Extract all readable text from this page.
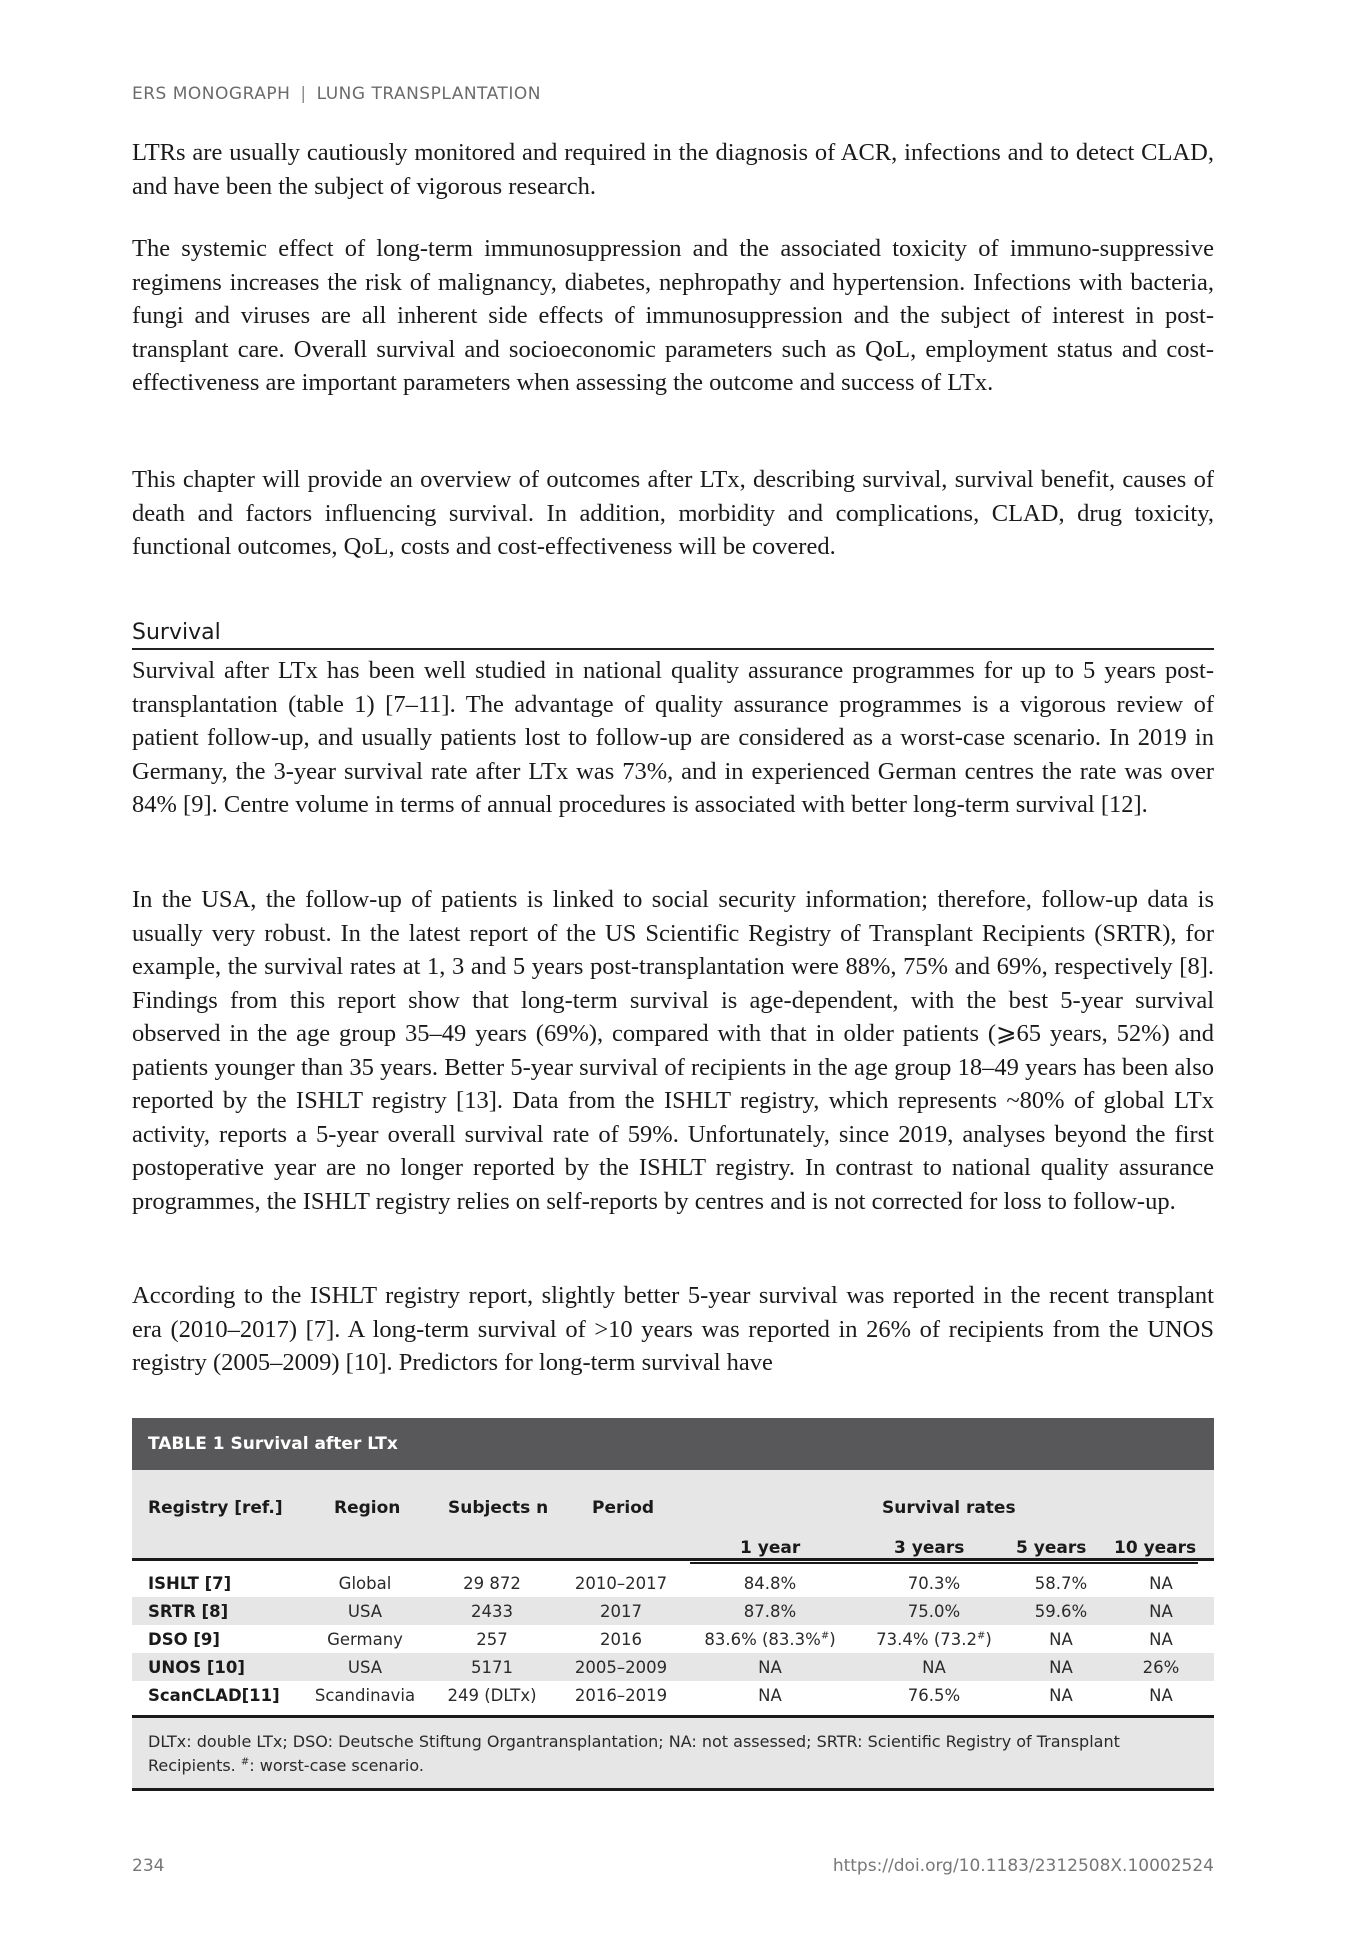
ERS MONOGRAPH | LUNG TRANSPLANTATION

LTRs are usually cautiously monitored and required in the diagnosis of ACR, infections and to detect CLAD, and have been the subject of vigorous research.

The systemic effect of long-term immunosuppression and the associated toxicity of immuno-suppressive regimens increases the risk of malignancy, diabetes, nephropathy and hypertension. Infections with bacteria, fungi and viruses are all inherent side effects of immunosuppression and the subject of interest in post-transplant care. Overall survival and socioeconomic parameters such as QoL, employment status and cost-effectiveness are important parameters when assessing the outcome and success of LTx.

This chapter will provide an overview of outcomes after LTx, describing survival, survival benefit, causes of death and factors influencing survival. In addition, morbidity and complications, CLAD, drug toxicity, functional outcomes, QoL, costs and cost-effectiveness will be covered.

Survival

Survival after LTx has been well studied in national quality assurance programmes for up to 5 years post-transplantation (table 1) [7–11]. The advantage of quality assurance programmes is a vigorous review of patient follow-up, and usually patients lost to follow-up are considered as a worst-case scenario. In 2019 in Germany, the 3-year survival rate after LTx was 73%, and in experienced German centres the rate was over 84% [9]. Centre volume in terms of annual procedures is associated with better long-term survival [12].

In the USA, the follow-up of patients is linked to social security information; therefore, follow-up data is usually very robust. In the latest report of the US Scientific Registry of Transplant Recipients (SRTR), for example, the survival rates at 1, 3 and 5 years post-transplantation were 88%, 75% and 69%, respectively [8]. Findings from this report show that long-term survival is age-dependent, with the best 5-year survival observed in the age group 35–49 years (69%), compared with that in older patients (⩾65 years, 52%) and patients younger than 35 years. Better 5-year survival of recipients in the age group 18–49 years has been also reported by the ISHLT registry [13]. Data from the ISHLT registry, which represents ~80% of global LTx activity, reports a 5-year overall survival rate of 59%. Unfortunately, since 2019, analyses beyond the first postoperative year are no longer reported by the ISHLT registry. In contrast to national quality assurance programmes, the ISHLT registry relies on self-reports by centres and is not corrected for loss to follow-up.

According to the ISHLT registry report, slightly better 5-year survival was reported in the recent transplant era (2010–2017) [7]. A long-term survival of >10 years was reported in 26% of recipients from the UNOS registry (2005–2009) [10]. Predictors for long-term survival have

TABLE 1 Survival after LTx
Registry [ref.]	Region	Subjects n	Period	Survival rates
1 year	3 years	5 years 10 years
ISHLT [7]	Global	29 872	2010–2017	84.8%	70.3%	58.7%	NA
SRTR [8]	USA	2433	2017	87.8%	75.0%	59.6%	NA
DSO [9]	Germany	257	2016	83.6% (83.3%#)	73.4% (73.2#)	NA	NA
UNOS [10]	USA	5171	2005–2009	NA	NA	NA	26%
ScanCLAD[11]	Scandinavia	249 (DLTx)	2016–2019	NA	76.5%	NA	NA
DLTx: double LTx; DSO: Deutsche Stiftung Organtransplantation; NA: not assessed; SRTR: Scientific Registry of Transplant Recipients. #: worst-case scenario.
234	https://doi.org/10.1183/2312508X.10002524
